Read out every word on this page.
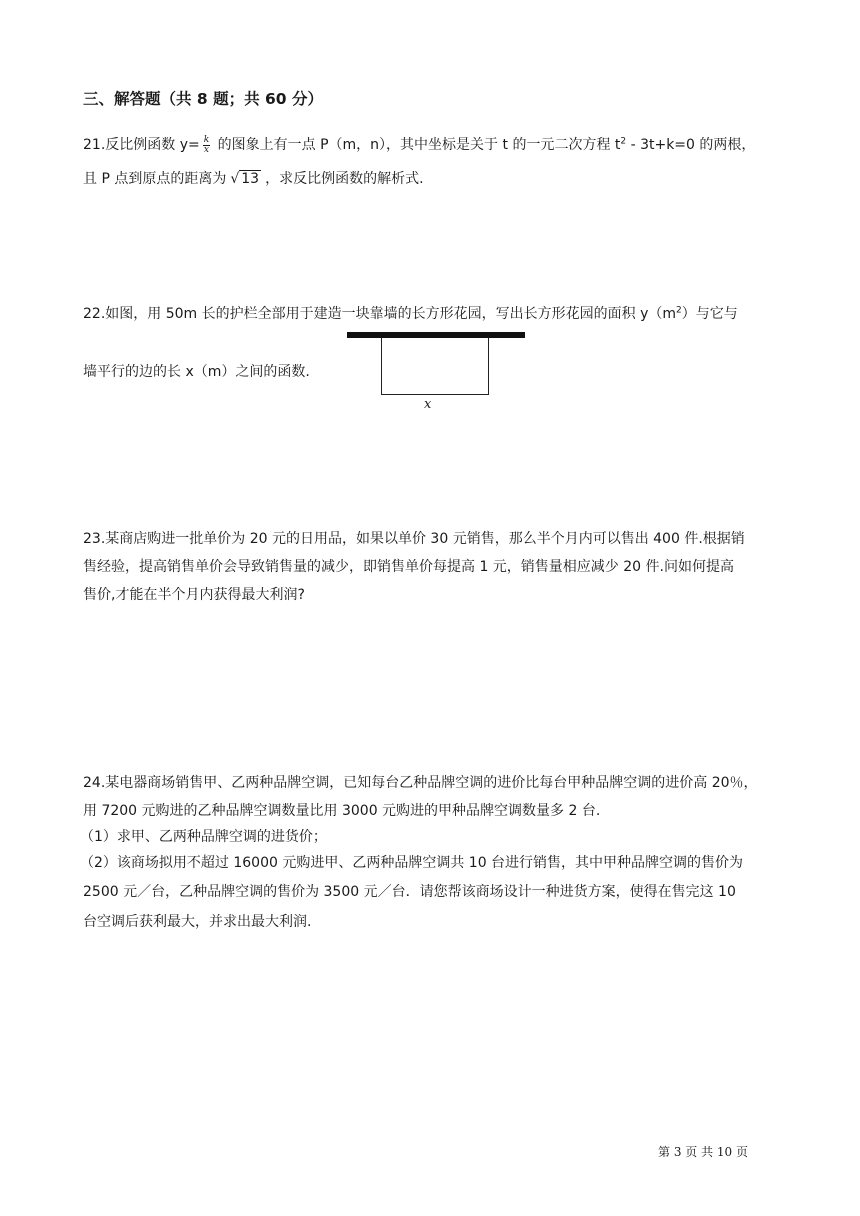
三、解答题（共 8 题；共 60 分）
21.反比例函数 $y= \frac{k}{x}$ 的图象上有一点 P（m，n），其中坐标是关于 t 的一元二次方程 $t^2 - 3t+k=0$ 的两根，
且 P 点到原点的距离为 √ 13 ，求反比例函数的解析式.
22.如图，用 50m 长的护栏全部用于建造一块靠墙的长方形花园，写出长方形花园的面积 $y(m^2)$与它与
x
墙平行的边的长 x（m）之间的函数.
23.某商店购进一批单价为 20 元的日用品，如果以单价 30 元销售，那么半个月内可以售出 400 件.根据销
售经验，提高销售单价会导致销售量的减少，即销售单价每提高 1 元，销售量相应减少 20 件.问如何提高
售价,才能在半个月内获得最大利润?
24.某电器商场销售甲、乙两种品牌空调，已知每台乙种品牌空调的进价比每台甲种品牌空调的进价高 20％，
用 7200 元购进的乙种品牌空调数量比用 3000 元购进的甲种品牌空调数量多 2 台.
（1）求甲、乙两种品牌空调的进货价；
（2）该商场拟用不超过 16000 元购进甲、乙两种品牌空调共 10 台进行销售，其中甲种品牌空调的售价为
2500 元／台，乙种品牌空调的售价为 3500 元／台．请您帮该商场设计一种进货方案，使得在售完这 10
台空调后获利最大，并求出最大利润.
第 3 页 共 10 页
